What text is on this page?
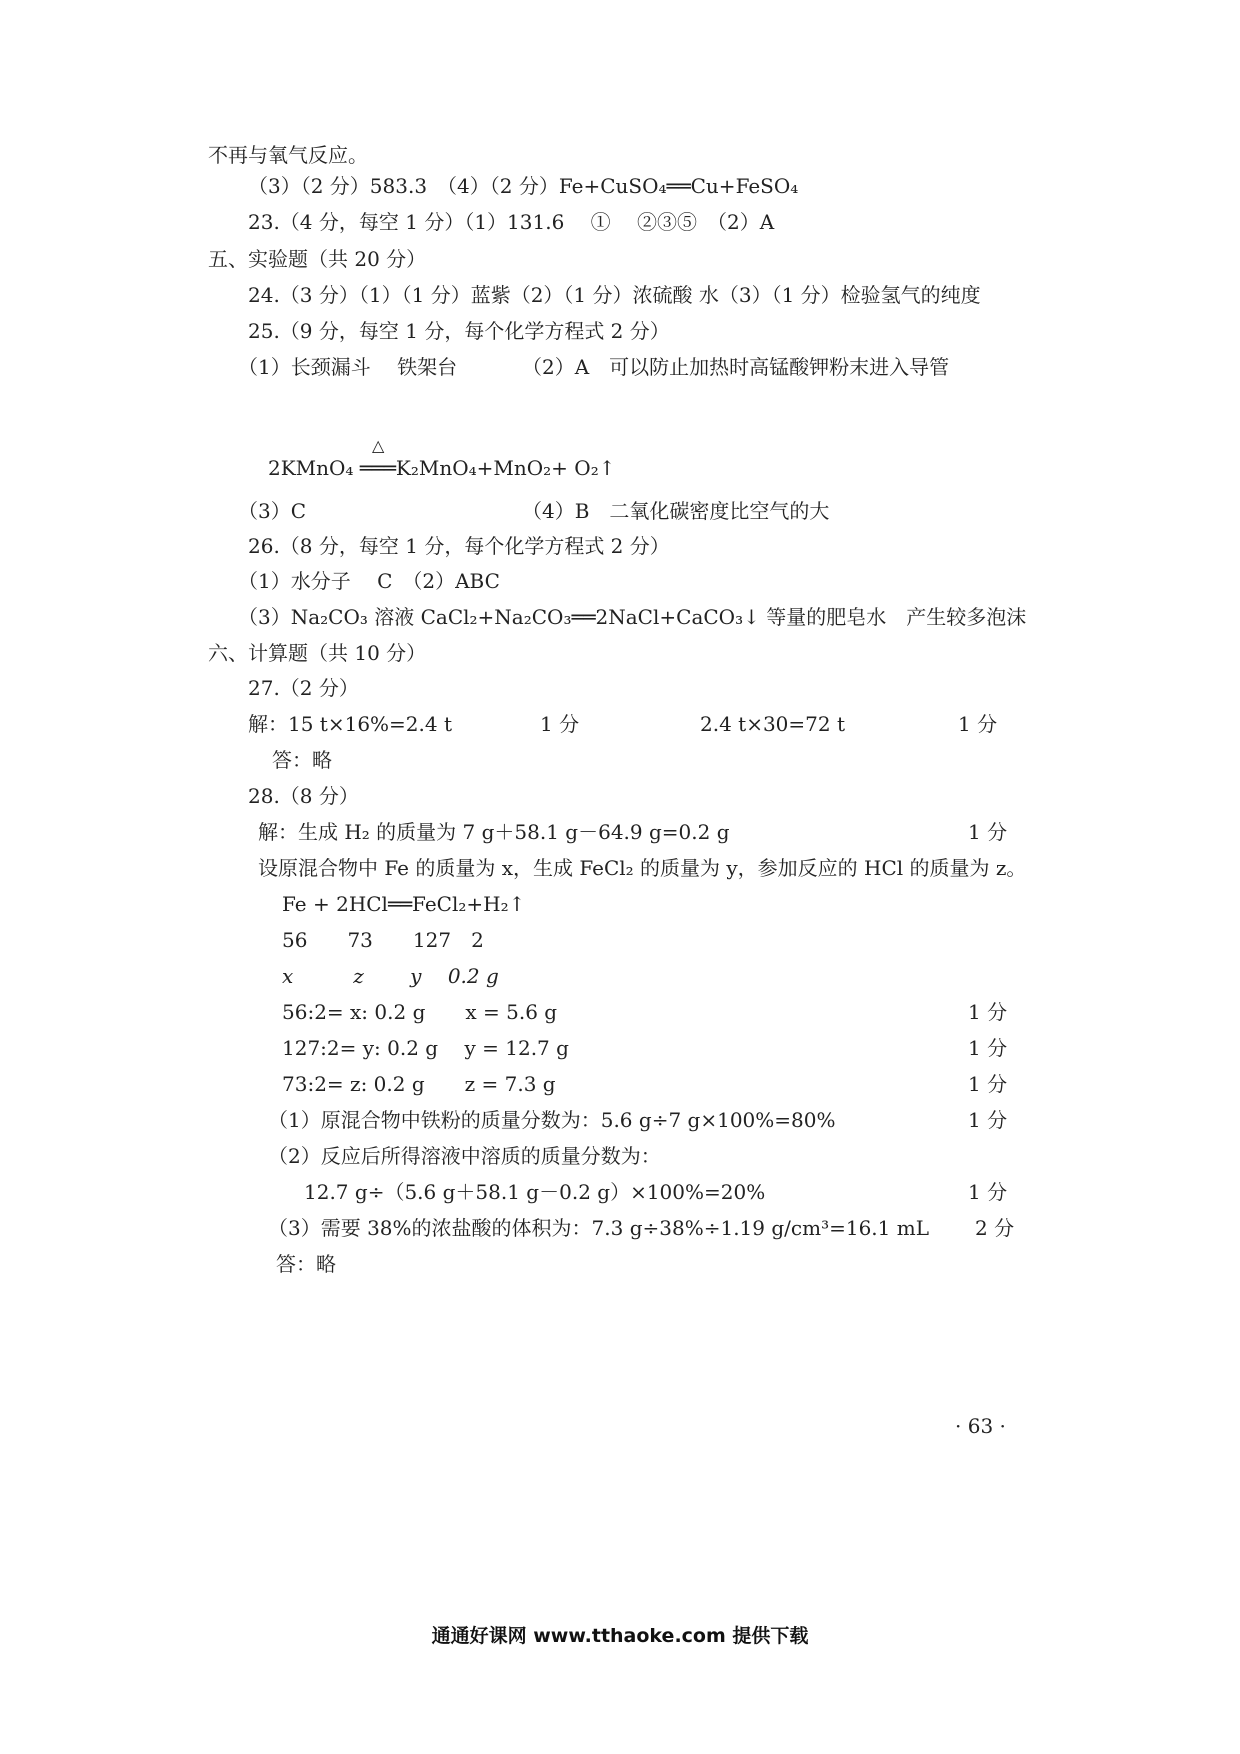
不再与氧气反应。
（3）（2 分）583.3　（4）（2 分）Fe+CuSO₄══Cu+FeSO₄
23.（4 分，每空 1 分）（1）131.6　 ①　 ②③⑤　（2）A
五、实验题（共 20 分）
24.（3 分）（1）（1 分）蓝紫（2）（1 分）浓硫酸 水（3）（1 分）检验氢气的纯度
25.（9 分，每空 1 分，每个化学方程式 2 分）
（1）长颈漏斗　 铁架台	（2）A　可以防止加热时高锰酸钾粉末进入导管
△
2KMnO₄ ═══K₂MnO₄+MnO₂+ O₂↑
（3）C	（4）B　二氧化碳密度比空气的大
26.（8 分，每空 1 分，每个化学方程式 2 分）
（1）水分子　 C　（2）ABC
（3）Na₂CO₃ 溶液 CaCl₂+Na₂CO₃══2NaCl+CaCO₃↓ 等量的肥皂水　产生较多泡沫
六、计算题（共 10 分）
27.（2 分）
解：15 t×16%=2.4 t	1 分	2.4 t×30=72 t	1 分
答：略
28.（8 分）
解：生成 H₂ 的质量为 7 g＋58.1 g－64.9 g=0.2 g	1 分
设原混合物中 Fe 的质量为 x，生成 FeCl₂ 的质量为 y，参加反应的 HCl 的质量为 z。
Fe + 2HCl══FeCl₂+H₂↑
56　　73　　127　2
x　　　z　　 y　 0.2 g
56:2= x: 0.2 g　　x = 5.6 g	1 分
127:2= y: 0.2 g　 y = 12.7 g	1 分
73:2= z: 0.2 g　　z = 7.3 g	1 分
（1）原混合物中铁粉的质量分数为：5.6 g÷7 g×100%=80%	1 分
（2）反应后所得溶液中溶质的质量分数为：
12.7 g÷（5.6 g＋58.1 g－0.2 g）×100%=20%	1 分
（3）需要 38%的浓盐酸的体积为：7.3 g÷38%÷1.19 g/cm³=16.1 mL 2 分
答：略
· 63 ·
通通好课网 www.tthaoke.com 提供下载
